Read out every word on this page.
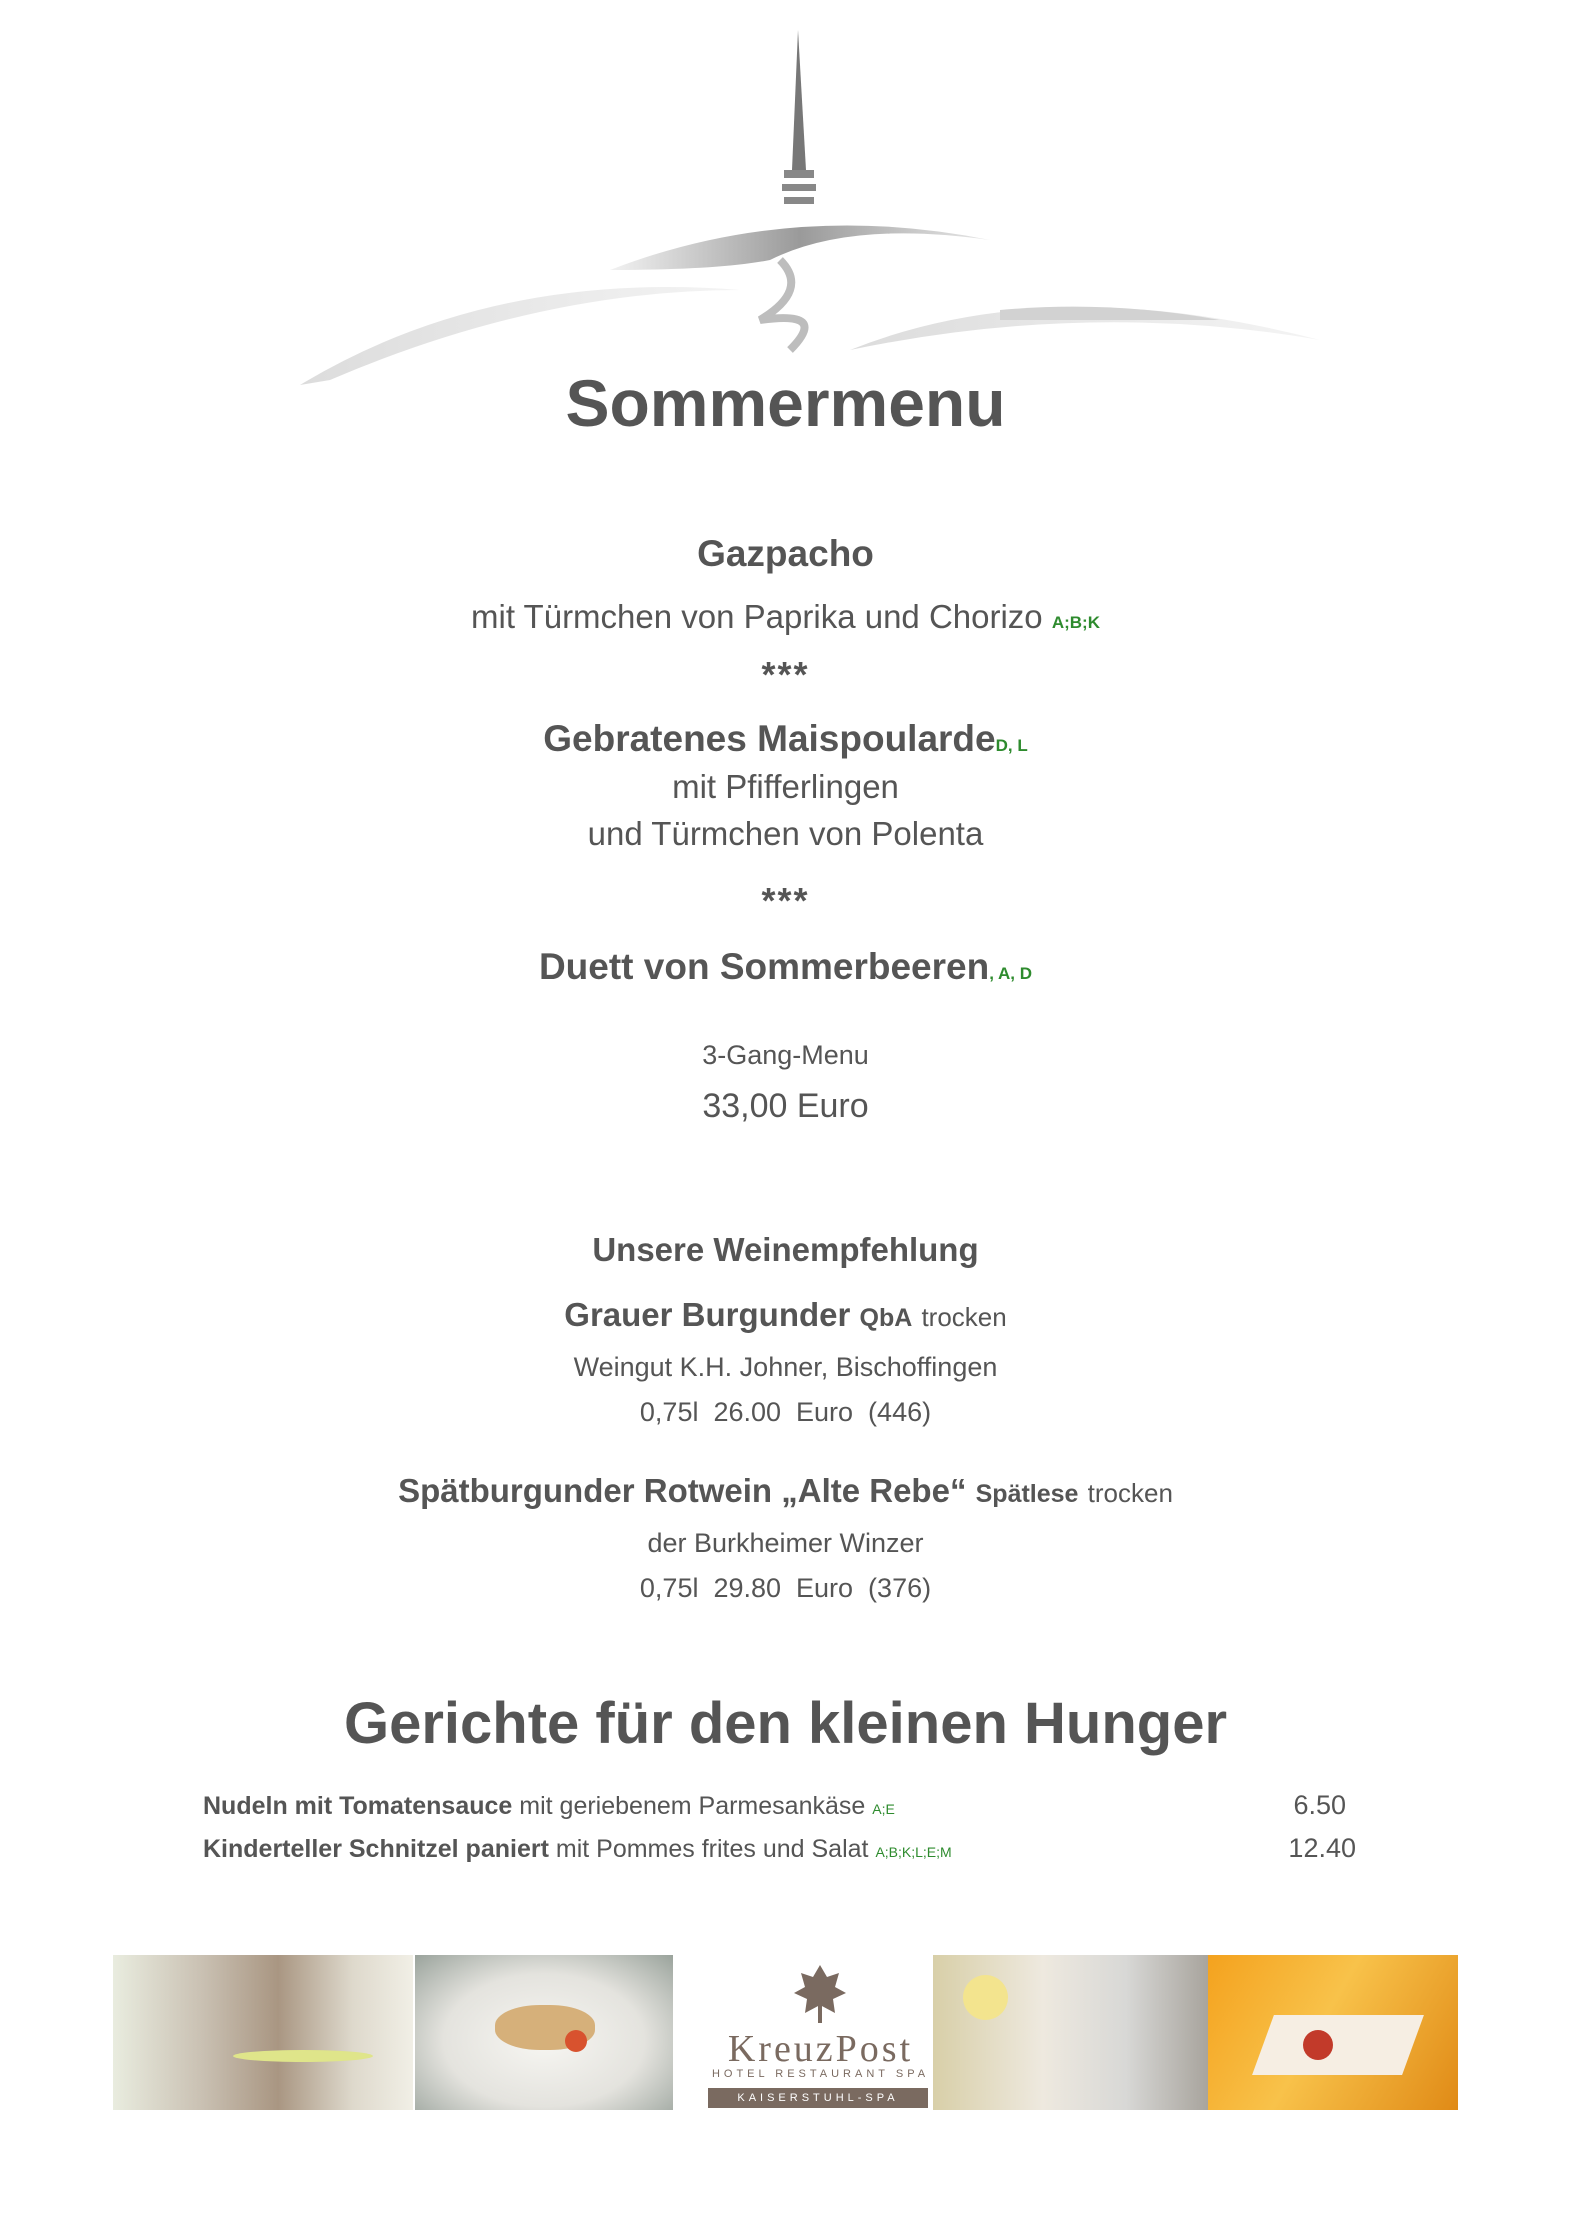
Sommermenu
Gazpacho
mit Türmchen von Paprika und Chorizo A;B;K
***
Gebratenes MaispoulardeD, L
mit Pfifferlingen
und Türmchen von Polenta
***
Duett von Sommerbeeren, A, D
3-Gang-Menu
33,00 Euro
Unsere Weinempfehlung
Grauer Burgunder QbA trocken
Weingut K.H. Johner, Bischoffingen
0,75l  26.00  Euro  (446)
Spätburgunder Rotwein „Alte Rebe“ Spätlese trocken
der Burkheimer Winzer
0,75l  29.80  Euro  (376)
Gerichte für den kleinen Hunger
Nudeln mit Tomatensauce mit geriebenem Parmesankäse A;E	6.50
Kinderteller Schnitzel paniert mit Pommes frites und Salat A;B;K;L;E;M	12.40
KreuzPost
HOTEL RESTAURANT SPA
KAISERSTUHL-SPA
